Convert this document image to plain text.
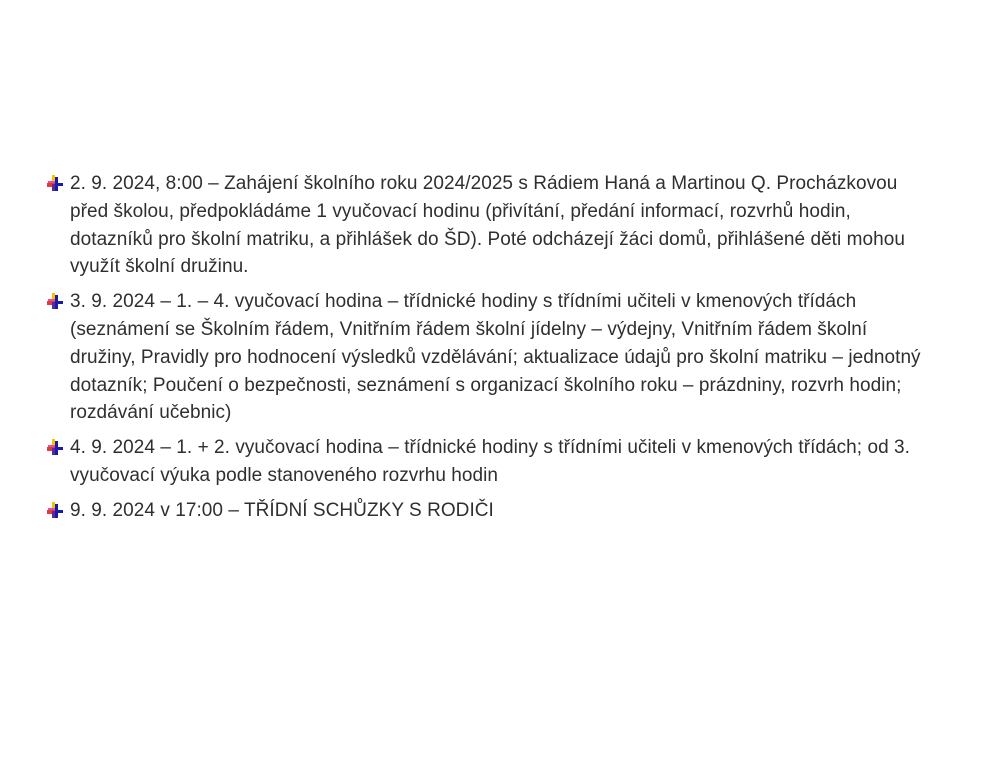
2. 9. 2024, 8:00 – Zahájení školního roku 2024/2025 s Rádiem Haná a Martinou Q. Procházkovou před školou, předpokládáme 1 vyučovací hodinu (přivítání, předání informací, rozvrhů hodin, dotazníků pro školní matriku, a přihlášek do ŠD). Poté odcházejí žáci domů, přihlášené děti mohou využít školní družinu.
3. 9. 2024 – 1. – 4. vyučovací hodina – třídnické hodiny s třídními učiteli v kmenových třídách (seznámení se Školním řádem, Vnitřním řádem školní jídelny – výdejny, Vnitřním řádem školní družiny, Pravidly pro hodnocení výsledků vzdělávání; aktualizace údajů pro školní matriku – jednotný dotazník; Poučení o bezpečnosti, seznámení s organizací školního roku – prázdniny, rozvrh hodin; rozdávání učebnic)
4. 9. 2024 – 1. + 2. vyučovací hodina – třídnické hodiny s třídními učiteli v kmenových třídách; od 3. vyučovací výuka podle stanoveného rozvrhu hodin
9. 9. 2024 v 17:00 – TŘÍDNÍ SCHŮZKY S RODIČI
